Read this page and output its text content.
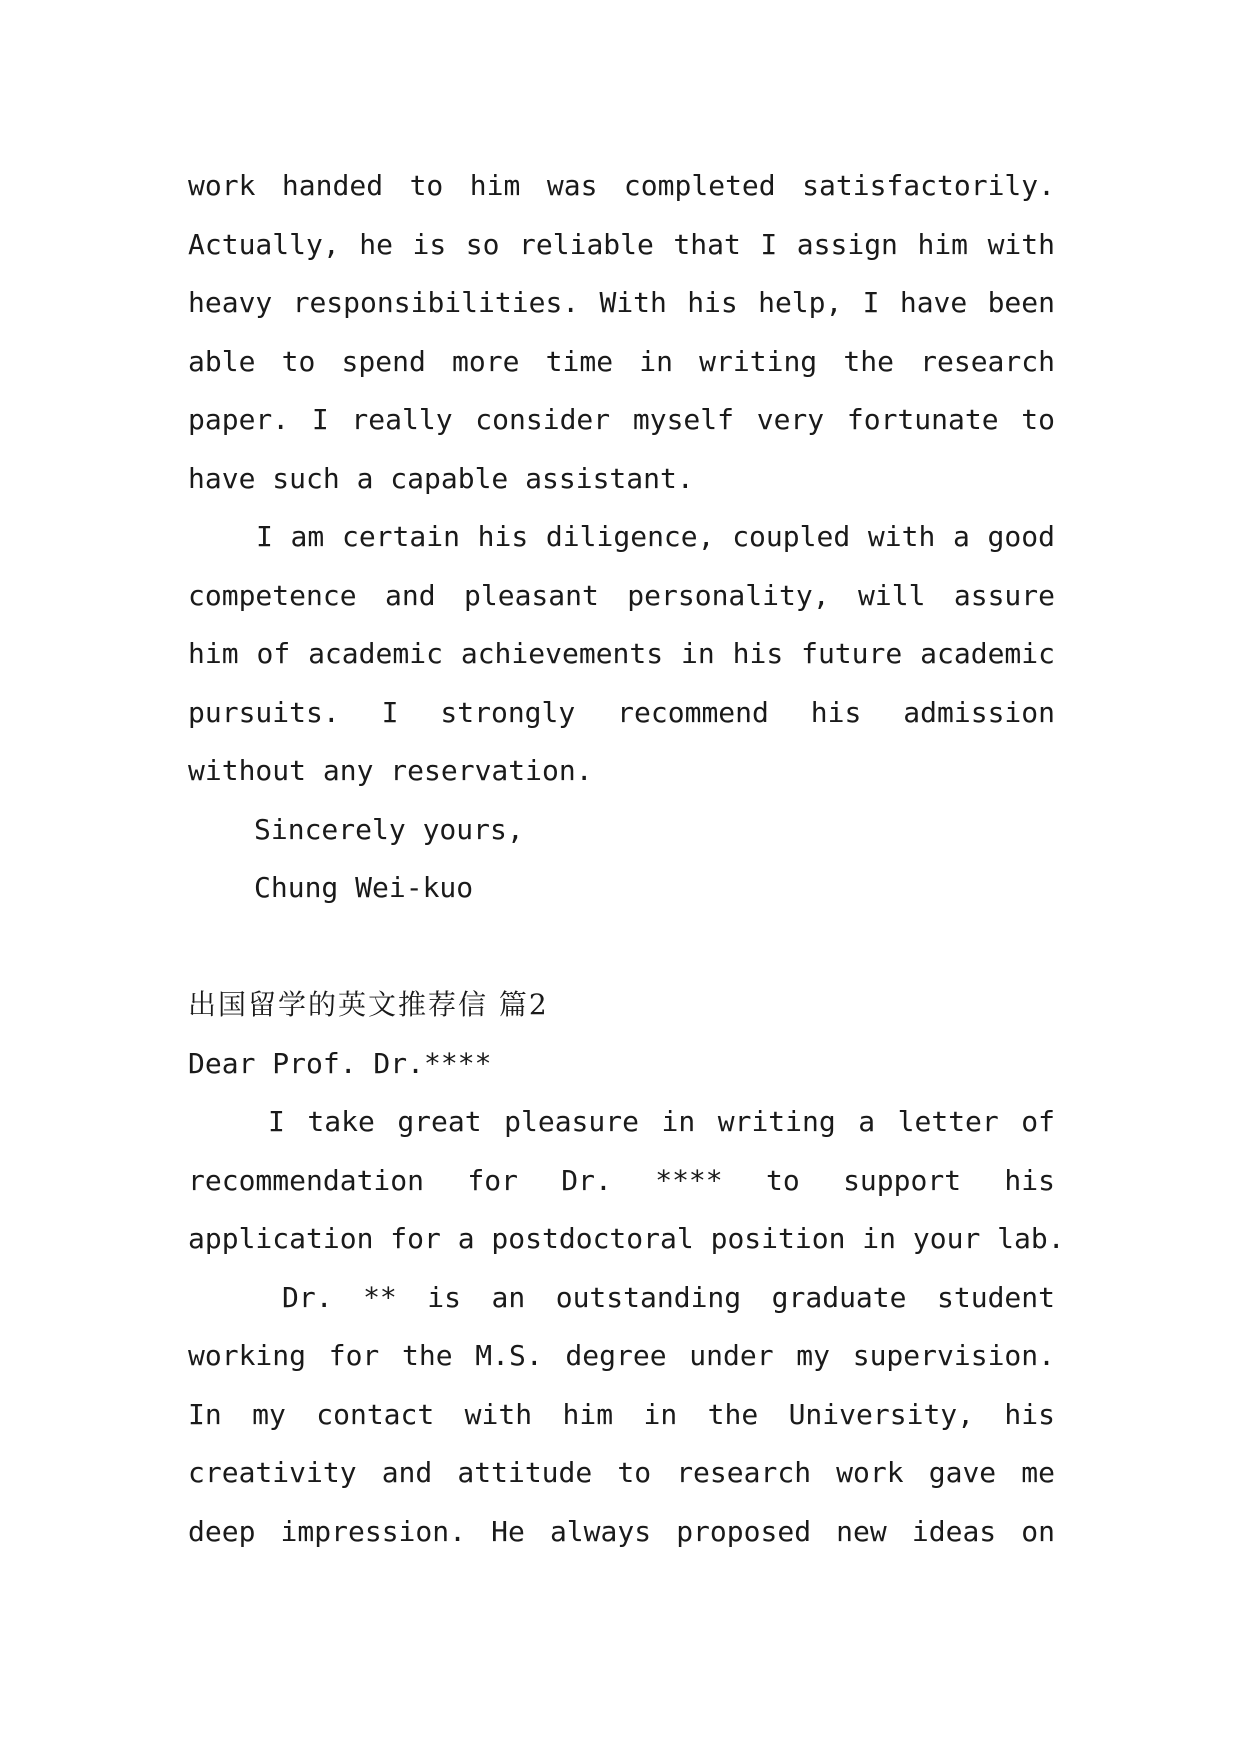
work handed to him was completed satisfactorily.
Actually, he is so reliable that I assign him with
heavy responsibilities. With his help, I have been
able to spend more time in writing the research
paper. I really consider myself very fortunate to
have such a capable assistant.
I am certain his diligence, coupled with a good
competence and pleasant personality, will assure
him of academic achievements in his future academic
pursuits. I strongly recommend his admission
without any reservation.
Sincerely yours,
Chung Wei-kuo
出国留学的英文推荐信 篇2
Dear Prof. Dr.****
I take great pleasure in writing a letter of
recommendation for Dr. **** to support his
application for a postdoctoral position in your lab.
Dr. ** is an outstanding graduate student
working for the M.S. degree under my supervision.
In my contact with him in the University, his
creativity and attitude to research work gave me
deep impression. He always proposed new ideas on
